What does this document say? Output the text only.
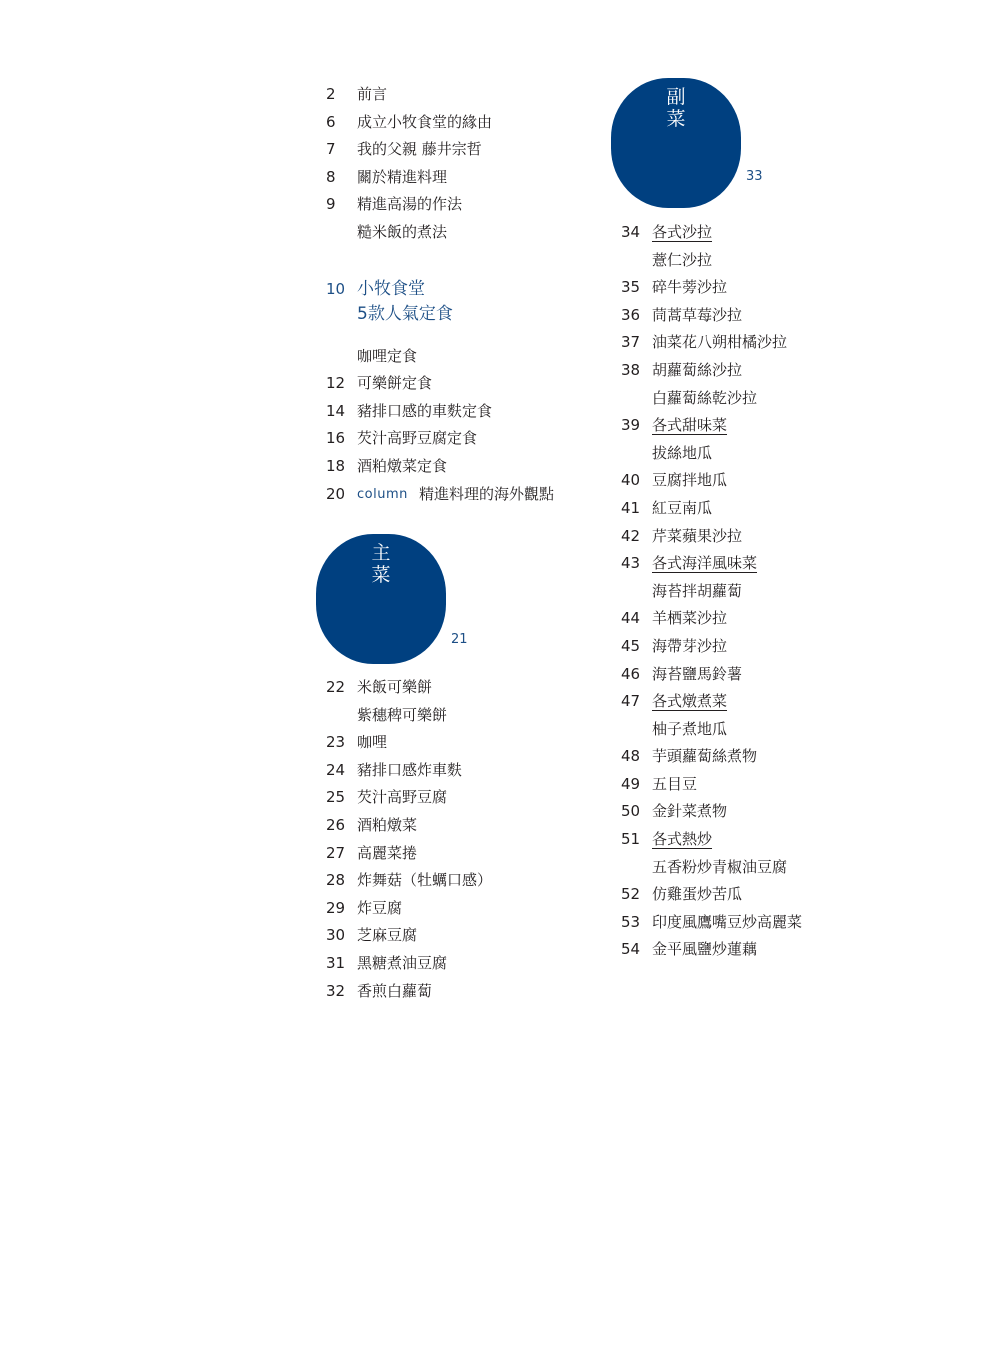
2	前言
6	成立小牧食堂的緣由
7	我的父親 藤井宗哲
8	關於精進料理
9	精進高湯的作法
糙米飯的煮法
10 小牧食堂
5款人氣定食
咖哩定食
12 可樂餅定食
14 豬排口感的車麩定食
16 芡汁高野豆腐定食
18 酒粕燉菜定食
20 column 精進料理的海外觀點
主
菜
21
22 米飯可樂餅
紫穗稗可樂餅
23 咖哩
24 豬排口感炸車麩
25 芡汁高野豆腐
26 酒粕燉菜
27 高麗菜捲
28 炸舞菇（牡蠣口感）
29 炸豆腐
30 芝麻豆腐
31 黑糖煮油豆腐
32 香煎白蘿蔔
副
菜
33
34 各式沙拉
薏仁沙拉
35 碎牛蒡沙拉
36 茼蒿草莓沙拉
37 油菜花八朔柑橘沙拉
38 胡蘿蔔絲沙拉
白蘿蔔絲乾沙拉
39 各式甜味菜
拔絲地瓜
40 豆腐拌地瓜
41 紅豆南瓜
42 芹菜蘋果沙拉
43 各式海洋風味菜
海苔拌胡蘿蔔
44 羊栖菜沙拉
45 海帶芽沙拉
46 海苔鹽馬鈴薯
47 各式燉煮菜
柚子煮地瓜
48 芋頭蘿蔔絲煮物
49 五目豆
50 金針菜煮物
51 各式熱炒
五香粉炒青椒油豆腐
52 仿雞蛋炒苦瓜
53 印度風鷹嘴豆炒高麗菜
54 金平風鹽炒蓮藕
